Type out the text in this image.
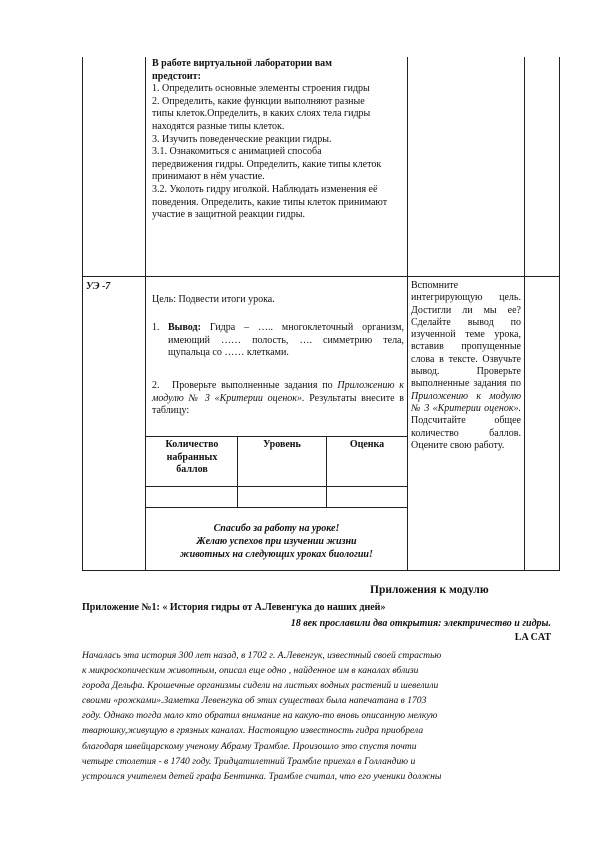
В работе виртуальной лаборатории вам предстоит:

1. Определить основные элементы строения гидры

2. Определить, какие функции выполняют разные типы клеток.Определить, в каких слоях тела гидры находятся разные типы клеток.

3. Изучить поведенческие реакции гидры.

3.1. Ознакомиться с анимацией способа передвижения гидры. Определить, какие типы клеток принимают в нём участие.

3.2. Уколоть гидру иголкой. Наблюдать изменения её поведения. Определить, какие типы клеток принимают участие в защитной реакции гидры.

УЭ -7
Цель: Подвести итоги урока.
1. Вывод: Гидра – ….. многоклеточный организм, имеющий …… полость, …. симметрию тела, щупальца со …… клетками.

2.	Проверьте выполненные задания по Приложению к модулю № 3 «Критерии оценок». Результаты внесите в таблицу:

Количество набранных баллов
Уровень	Оценка
Спасибо за работу на уроке!
Желаю успехов при изучении жизни
животных на следующих уроках биологии!
Вспомните интегрирующую цель. Достигли ли мы ее? Сделайте вывод по изученной теме урока, вставив пропущенные слова в тексте. Озвучьте вывод. Проверьте выполненные задания по Приложению к модулю № 3 «Критерии оценок». Подсчитайте общее количество баллов. Оцените свою работу.
Приложения к модулю
Приложение №1: « История гидры от А.Левенгука до наших дней»
18 век прославили два открытия: электричество и гидры.
LA CAT
Началась эта история 300 лет назад, в 1702 г. А.Левенгук, известный своей страстью
к микроскопическим животным, описал еще одно , найденное им в каналах вблизи
города Дельфа. Крошечные организмы сидели на листьях водных растений и шевелили
своими «рожками».Заметка Левенгука об этих существах была напечатана в 1703
году. Однако тогда мало кто обратил внимание на какую-то вновь описанную мелкую
тварюшку,живущую в грязных каналах. Настоящую известность гидра приобрела
благодаря швейцарскому ученому Абраму Трамбле. Произошло это спустя почти
четыре столетия - в 1740 году. Тридцатилетний Трамбле приехал в Голландию и
устроился учителем детей графа Бентинка. Трамбле считал, что его ученики должны
